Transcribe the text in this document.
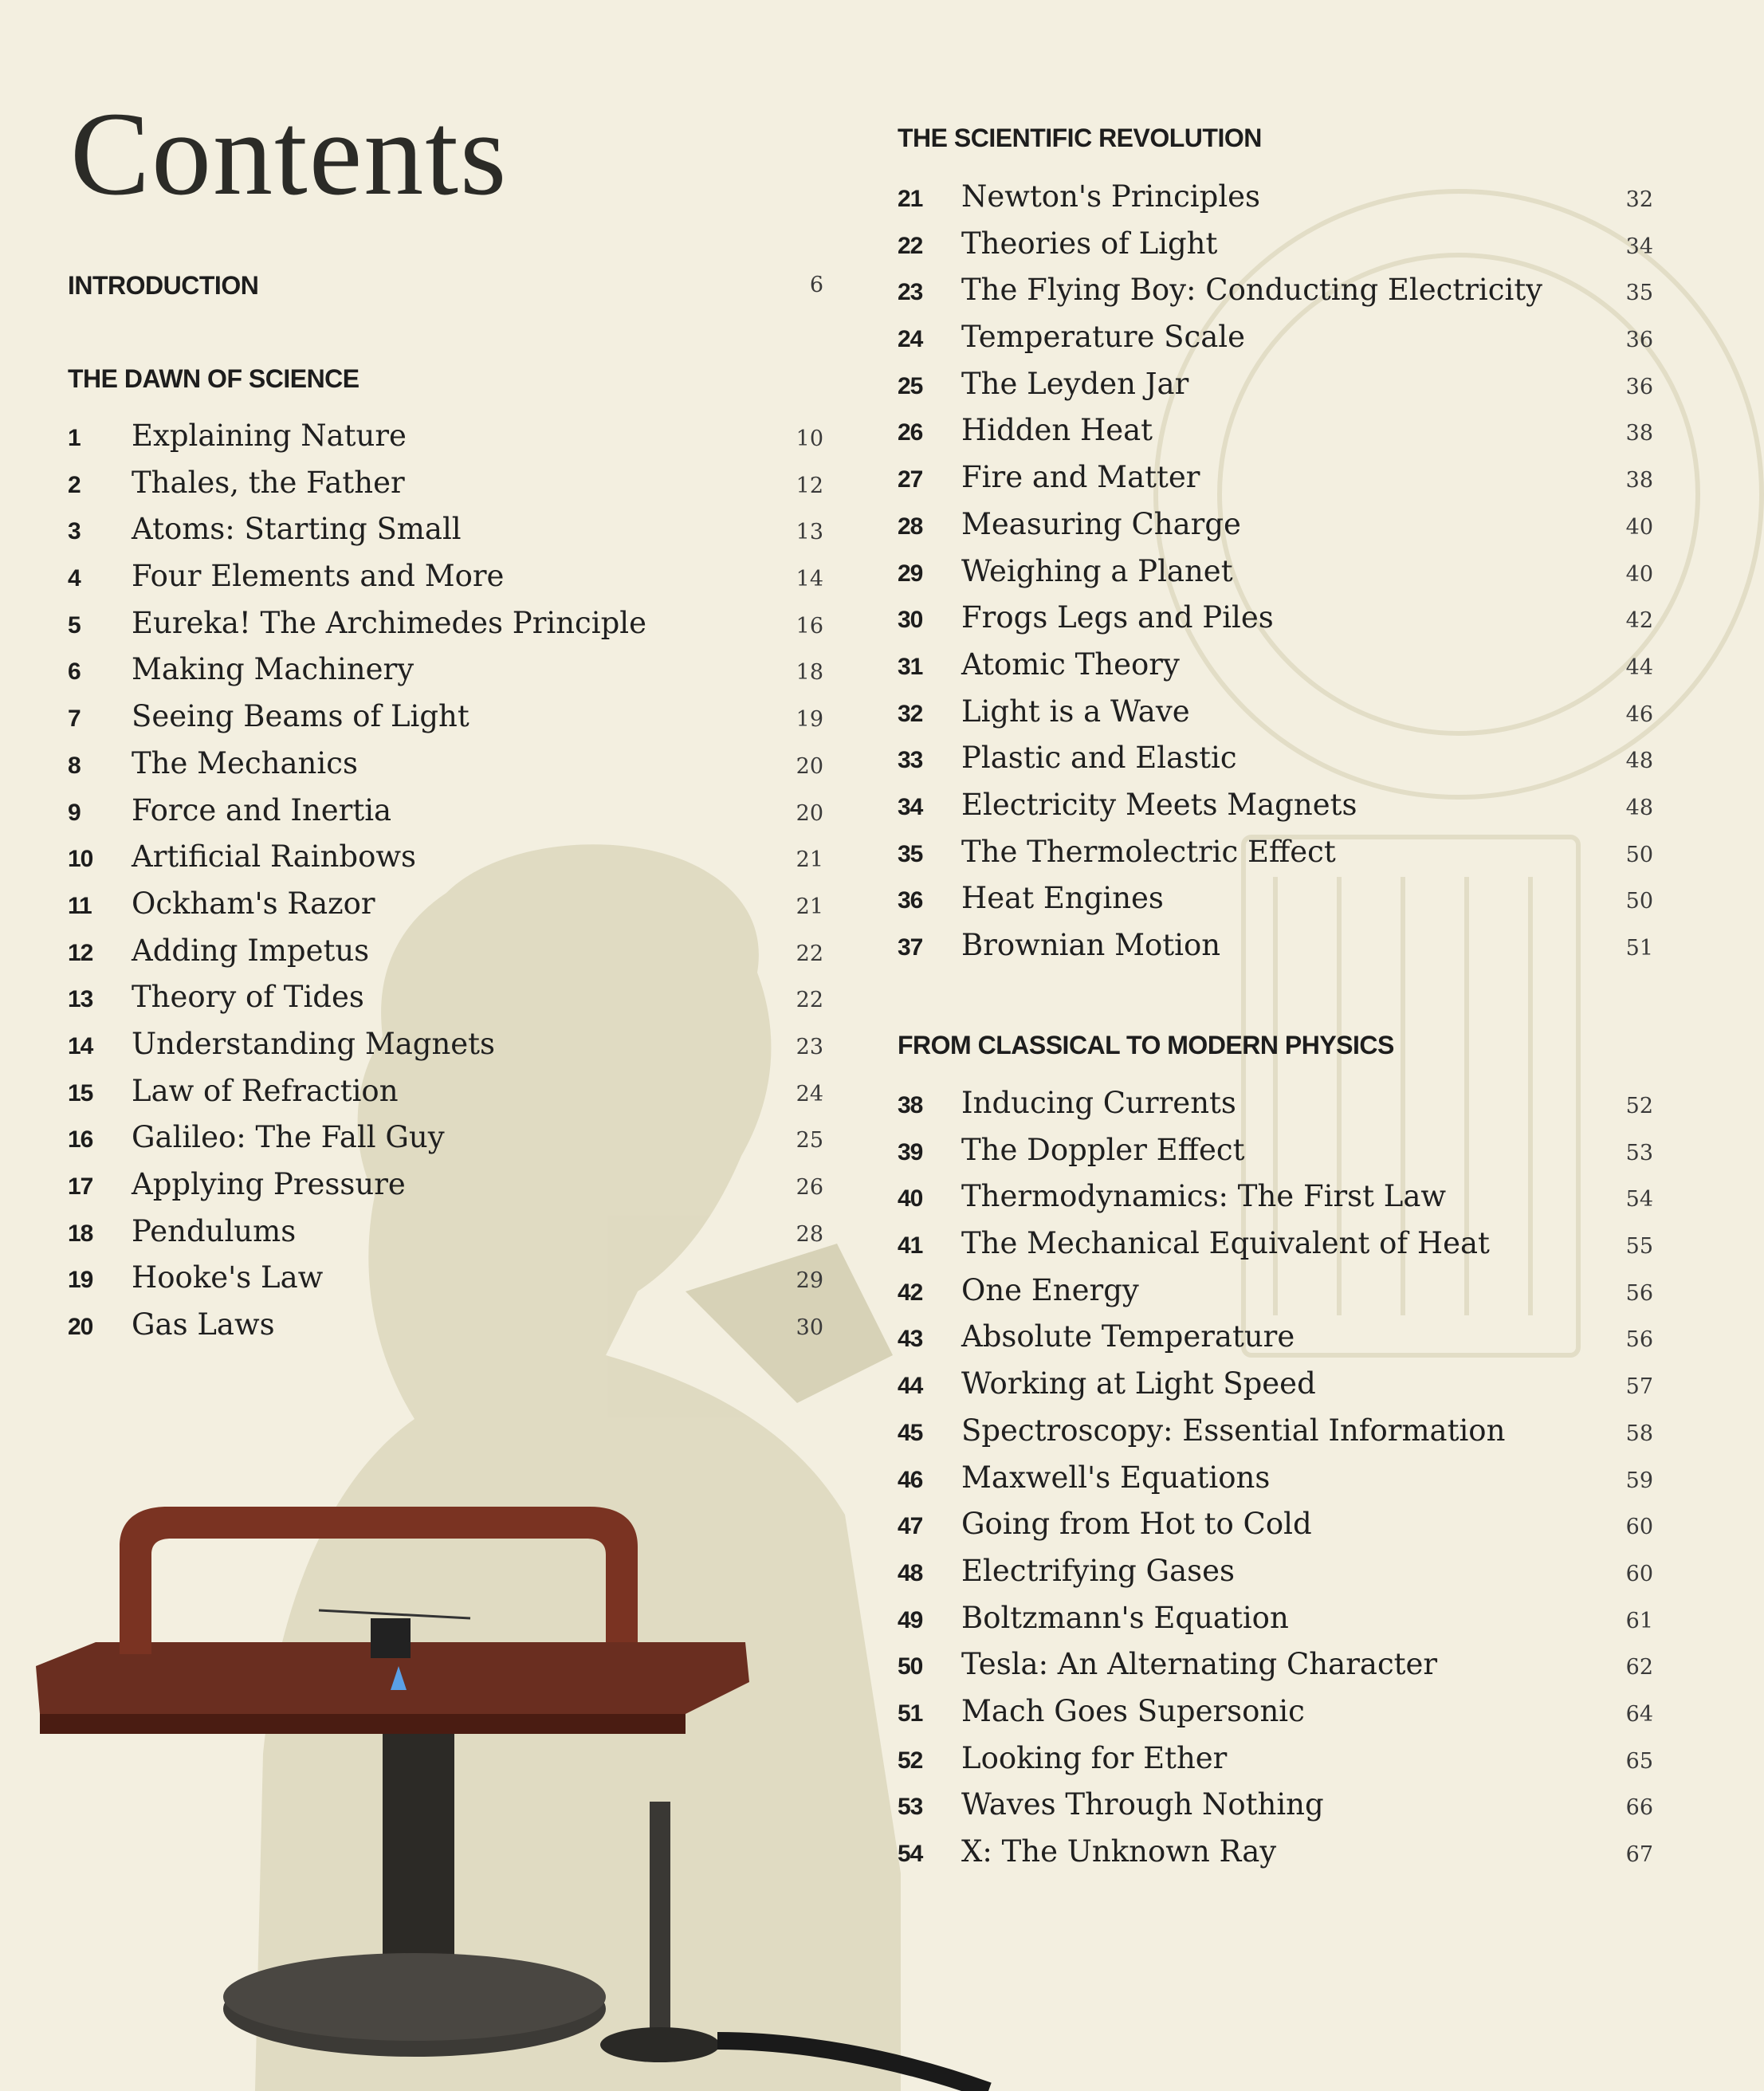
Contents
INTRODUCTION	6
THE DAWN OF SCIENCE
1 Explaining Nature	10
2 Thales, the Father	12
3 Atoms: Starting Small	13
4 Four Elements and More	14
5 Eureka! The Archimedes Principle	16
6 Making Machinery	18
7 Seeing Beams of Light	19
8 The Mechanics	20
9 Force and Inertia	20
10 Artificial Rainbows	21
11 Ockham's Razor	21
12 Adding Impetus	22
13 Theory of Tides	22
14 Understanding Magnets	23
15 Law of Refraction	24
16 Galileo: The Fall Guy	25
17 Applying Pressure	26
18 Pendulums	28
19 Hooke's Law	29
20 Gas Laws	30
THE SCIENTIFIC REVOLUTION
21 Newton's Principles	32
22 Theories of Light	34
23 The Flying Boy: Conducting Electricity	35
24 Temperature Scale	36
25 The Leyden Jar	36
26 Hidden Heat	38
27 Fire and Matter	38
28 Measuring Charge	40
29 Weighing a Planet	40
30 Frogs Legs and Piles	42
31 Atomic Theory	44
32 Light is a Wave	46
33 Plastic and Elastic	48
34 Electricity Meets Magnets	48
35 The Thermolectric Effect	50
36 Heat Engines	50
37 Brownian Motion	51
FROM CLASSICAL TO MODERN PHYSICS
38 Inducing Currents	52
39 The Doppler Effect	53
40 Thermodynamics: The First Law	54
41 The Mechanical Equivalent of Heat	55
42 One Energy	56
43 Absolute Temperature	56
44 Working at Light Speed	57
45 Spectroscopy: Essential Information	58
46 Maxwell's Equations	59
47 Going from Hot to Cold	60
48 Electrifying Gases	60
49 Boltzmann's Equation	61
50 Tesla: An Alternating Character	62
51 Mach Goes Supersonic	64
52 Looking for Ether	65
53 Waves Through Nothing	66
54 X: The Unknown Ray	67
